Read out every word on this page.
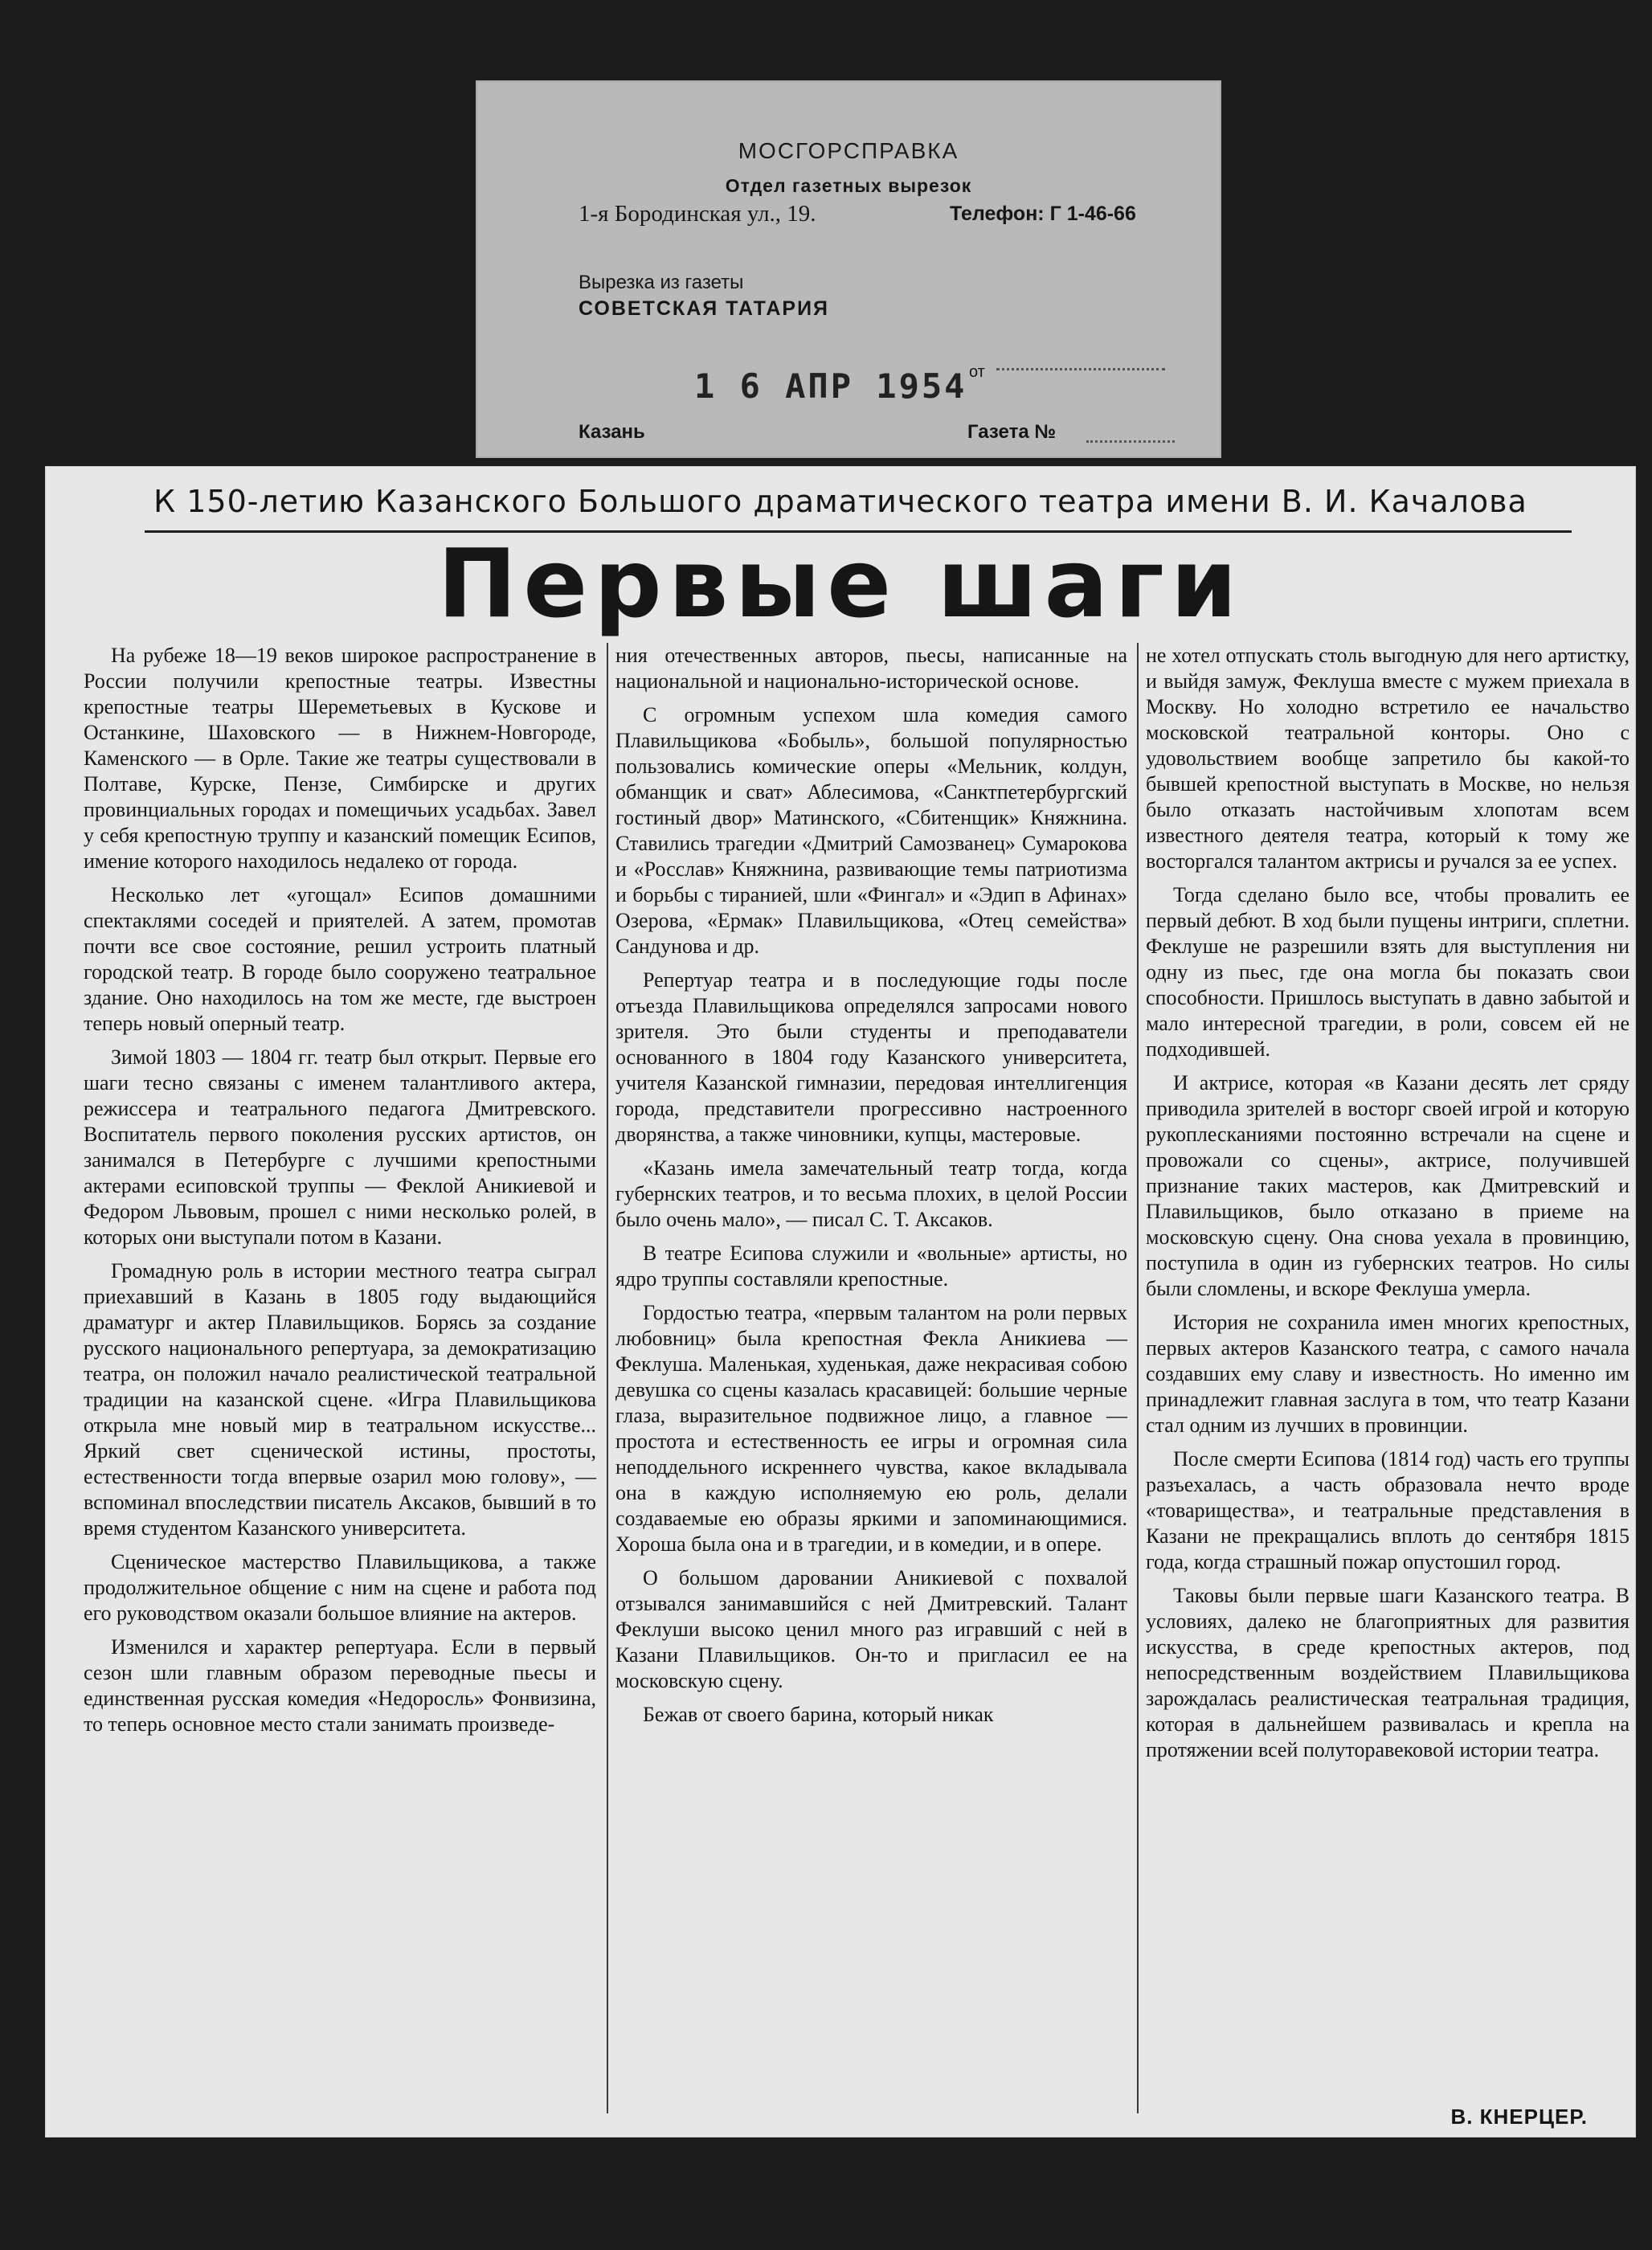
МОСГОРСПРАВКА
Отдел газетных вырезок
1-я Бородинская ул., 19.	Телефон: Г 1-46-66
Вырезка из газеты
СОВЕТСКАЯ ТАТАРИЯ
1 6 АПР 1954 от
Казань	Газета №
К 150-летию Казанского Большого драматического театра имени В. И. Качалова
Первые шаги

На рубеже 18—19 веков широкое распространение в России получили крепостные театры. Известны крепостные театры Шереметьевых в Кускове и Останкине, Шаховского — в Нижнем-Новгороде, Каменского — в Орле. Такие же театры существовали в Полтаве, Курске, Пензе, Симбирске и других провинциальных городах и помещичьих усадьбах. Завел у себя крепостную труппу и казанский помещик Есипов, имение которого находилось недалеко от города.

Несколько лет «угощал» Есипов домашними спектаклями соседей и приятелей. А затем, промотав почти все свое состояние, решил устроить платный городской театр. В городе было сооружено театральное здание. Оно находилось на том же месте, где выстроен теперь новый оперный театр.

Зимой 1803 — 1804 гг. театр был открыт. Первые его шаги тесно связаны с именем талантливого актера, режиссера и театрального педагога Дмитревского. Воспитатель первого поколения русских артистов, он занимался в Петербурге с лучшими крепостными актерами есиповской труппы — Феклой Аникиевой и Федором Львовым, прошел с ними несколько ролей, в которых они выступали потом в Казани.

Громадную роль в истории местного театра сыграл приехавший в Казань в 1805 году выдающийся драматург и актер Плавильщиков. Борясь за создание русского национального репертуара, за демократизацию театра, он положил начало реалистической театральной традиции на казанской сцене. «Игра Плавильщикова открыла мне новый мир в театральном искусстве... Яркий свет сценической истины, простоты, естественности тогда впервые озарил мою голову», — вспоминал впоследствии писатель Аксаков, бывший в то время студентом Казанского университета.

Сценическое мастерство Плавильщикова, а также продолжительное общение с ним на сцене и работа под его руководством оказали большое влияние на актеров.

Изменился и характер репертуара. Если в первый сезон шли главным образом переводные пьесы и единственная русская комедия «Недоросль» Фонвизина, то теперь основное место стали занимать произведе-

ния отечественных авторов, пьесы, написанные на национальной и национально-исторической основе.

С огромным успехом шла комедия самого Плавильщикова «Бобыль», большой популярностью пользовались комические оперы «Мельник, колдун, обманщик и сват» Аблесимова, «Санктпетербургский гостиный двор» Матинского, «Сбитенщик» Княжнина. Ставились трагедии «Дмитрий Самозванец» Сумарокова и «Росслав» Княжнина, развивающие темы патриотизма и борьбы с тиранией, шли «Фингал» и «Эдип в Афинах» Озерова, «Ермак» Плавильщикова, «Отец семейства» Сандунова и др.

Репертуар театра и в последующие годы после отъезда Плавильщикова определялся запросами нового зрителя. Это были студенты и преподаватели основанного в 1804 году Казанского университета, учителя Казанской гимназии, передовая интеллигенция города, представители прогрессивно настроенного дворянства, а также чиновники, купцы, мастеровые.

«Казань имела замечательный театр тогда, когда губернских театров, и то весьма плохих, в целой России было очень мало», — писал С. Т. Аксаков.

В театре Есипова служили и «вольные» артисты, но ядро труппы составляли крепостные.

Гордостью театра, «первым талантом на роли первых любовниц» была крепостная Фекла Аникиева — Феклуша. Маленькая, худенькая, даже некрасивая собою девушка со сцены казалась красавицей: большие черные глаза, выразительное подвижное лицо, а главное — простота и естественность ее игры и огромная сила неподдельного искреннего чувства, какое вкладывала она в каждую исполняемую ею роль, делали создаваемые ею образы яркими и запоминающимися. Хороша была она и в трагедии, и в комедии, и в опере.

О большом даровании Аникиевой с похвалой отзывался занимавшийся с ней Дмитревский. Талант Феклуши высоко ценил много раз игравший с ней в Казани Плавильщиков. Он-то и пригласил ее на московскую сцену.

Бежав от своего барина, который никак

не хотел отпускать столь выгодную для него артистку, и выйдя замуж, Феклуша вместе с мужем приехала в Москву. Но холодно встретило ее начальство московской театральной конторы. Оно с удовольствием вообще запретило бы какой-то бывшей крепостной выступать в Москве, но нельзя было отказать настойчивым хлопотам всем известного деятеля театра, который к тому же восторгался талантом актрисы и ручался за ее успех.

Тогда сделано было все, чтобы провалить ее первый дебют. В ход были пущены интриги, сплетни. Феклуше не разрешили взять для выступления ни одну из пьес, где она могла бы показать свои способности. Пришлось выступать в давно забытой и мало интересной трагедии, в роли, совсем ей не подходившей.

И актрисе, которая «в Казани десять лет сряду приводила зрителей в восторг своей игрой и которую рукоплесканиями постоянно встречали на сцене и провожали со сцены», актрисе, получившей признание таких мастеров, как Дмитревский и Плавильщиков, было отказано в приеме на московскую сцену. Она снова уехала в провинцию, поступила в один из губернских театров. Но силы были сломлены, и вскоре Феклуша умерла.

История не сохранила имен многих крепостных, первых актеров Казанского театра, с самого начала создавших ему славу и известность. Но именно им принадлежит главная заслуга в том, что театр Казани стал одним из лучших в провинции.

После смерти Есипова (1814 год) часть его труппы разъехалась, а часть образовала нечто вроде «товарищества», и театральные представления в Казани не прекращались вплоть до сентября 1815 года, когда страшный пожар опустошил город.

Таковы были первые шаги Казанского театра. В условиях, далеко не благоприятных для развития искусства, в среде крепостных актеров, под непосредственным воздействием Плавильщикова зарождалась реалистическая театральная традиция, которая в дальнейшем развивалась и крепла на протяжении всей полуторавековой истории театра.

В. КНЕРЦЕР.
